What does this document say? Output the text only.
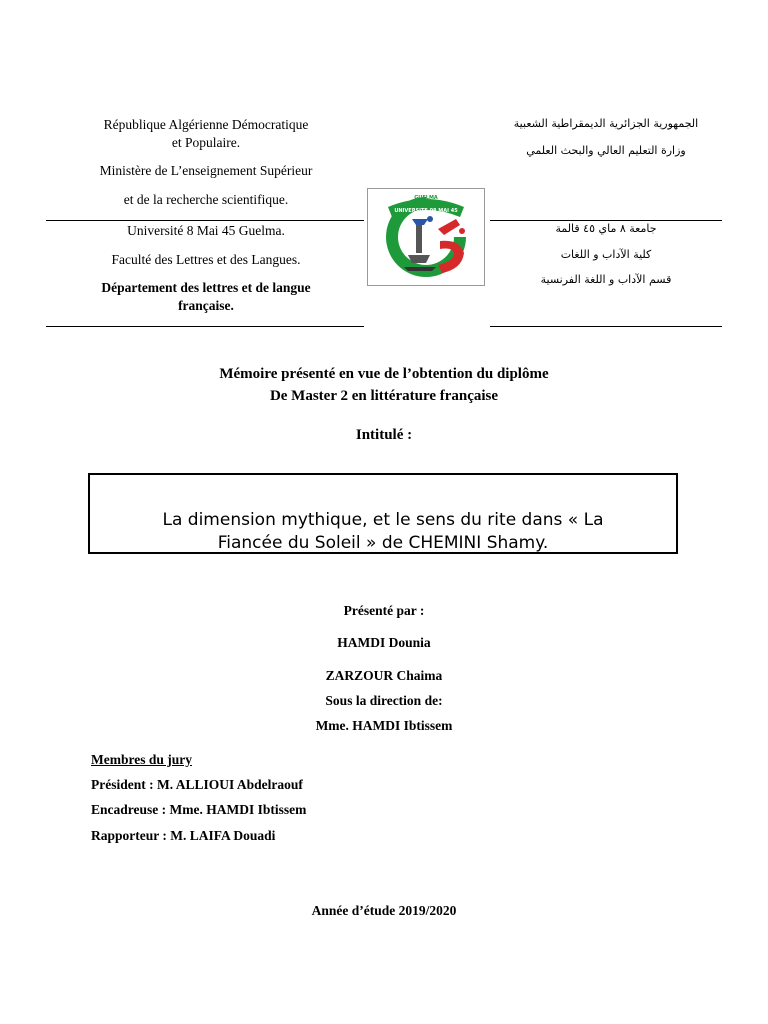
République Algérienne Démocratique
et Populaire.
Ministère de L’enseignement Supérieur
et de la recherche scientifique.
Université 8 Mai 45 Guelma.
Faculté des Lettres et des Langues.
Département des lettres et de langue
française.
الجمهورية الجزائرية الديمقراطية الشعبية
وزارة التعليم العالي والبحث العلمي
جامعة ٨ ماي ٤٥ قالمة
كلية الآداب و اللغات
قسم الآداب و اللغة الفرنسية
UNIVERSITE 08 MAI 45
GUELMA
Mémoire présenté en vue de l’obtention du diplôme
De Master 2 en littérature française
Intitulé :
La dimension mythique, et le sens du rite dans « La
Fiancée du Soleil » de CHEMINI Shamy.
Présenté par :
HAMDI Dounia
ZARZOUR Chaima
Sous la direction de:
Mme. HAMDI Ibtissem
Membres du jury
Président : M. ALLIOUI Abdelraouf
Encadreuse : Mme. HAMDI Ibtissem
Rapporteur : M. LAIFA Douadi
Année d’étude 2019/2020
